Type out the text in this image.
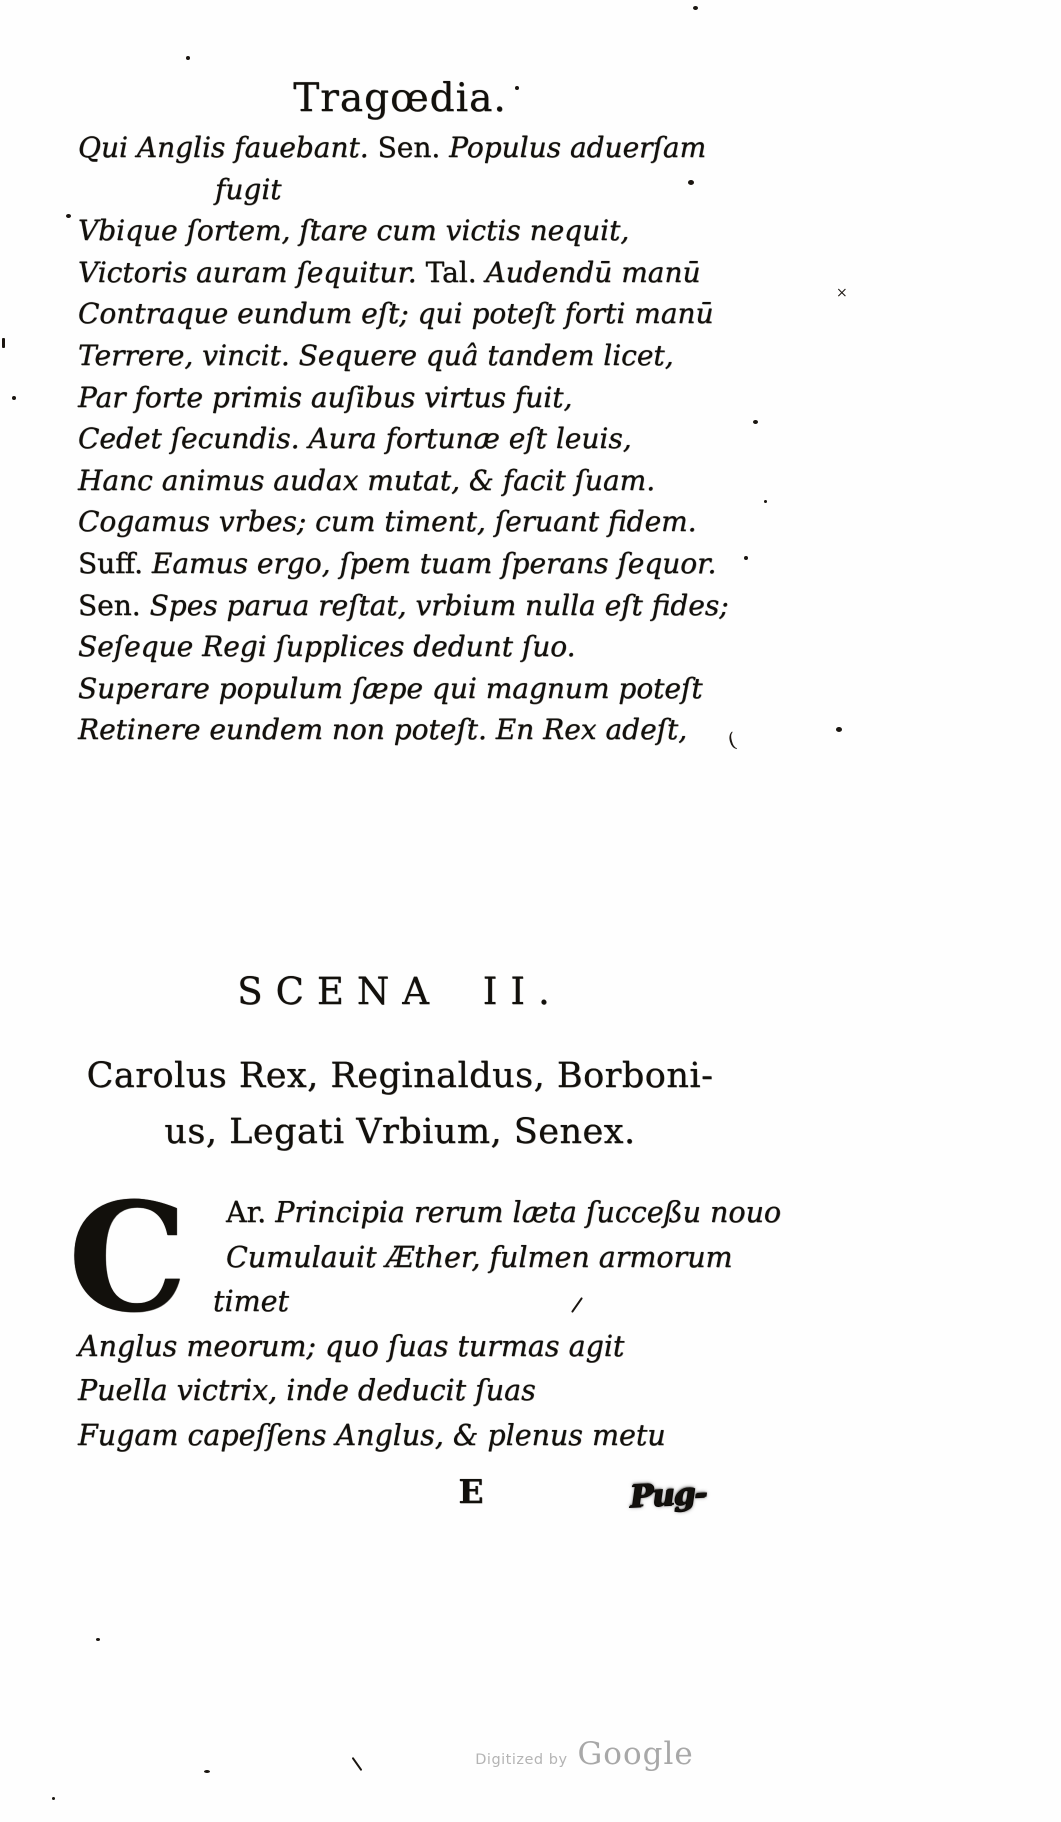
Tragœdia.
Qui Anglis fauebant. Sen. Populus aduerſam
fugit
Vbique ſortem, ſtare cum victis nequit,
Victoris auram ſequitur. Tal. Audendū manū
Contraque eundum eſt; qui poteſt forti manū
Terrere, vincit. Sequere quâ tandem licet,
Par forte primis auſibus virtus fuit,
Cedet ſecundis. Aura fortunæ eſt leuis,
Hanc animus audax mutat, & facit ſuam.
Cogamus vrbes; cum timent, ſeruant fidem.
Suff. Eamus ergo, ſpem tuam ſperans ſequor.
Sen. Spes parua reſtat, vrbium nulla eſt fides;
Seſeque Regi ſupplices dedunt ſuo.
Superare populum ſæpe qui magnum poteſt
Retinere eundem non poteſt. En Rex adeſt,
SCENA II.
Carolus Rex, Reginaldus, Borboni-
us, Legati Vrbium, Senex.
C	Ar. Principia rerum læta ſucceßu nouo
Cumulauit Æther, fulmen armorum
timet
Anglus meorum; quo ſuas turmas agit
Puella victrix, inde deducit ſuas
Fugam capeſſens Anglus, & plenus metu
E	Pug-
Digitized by Google
×
(
